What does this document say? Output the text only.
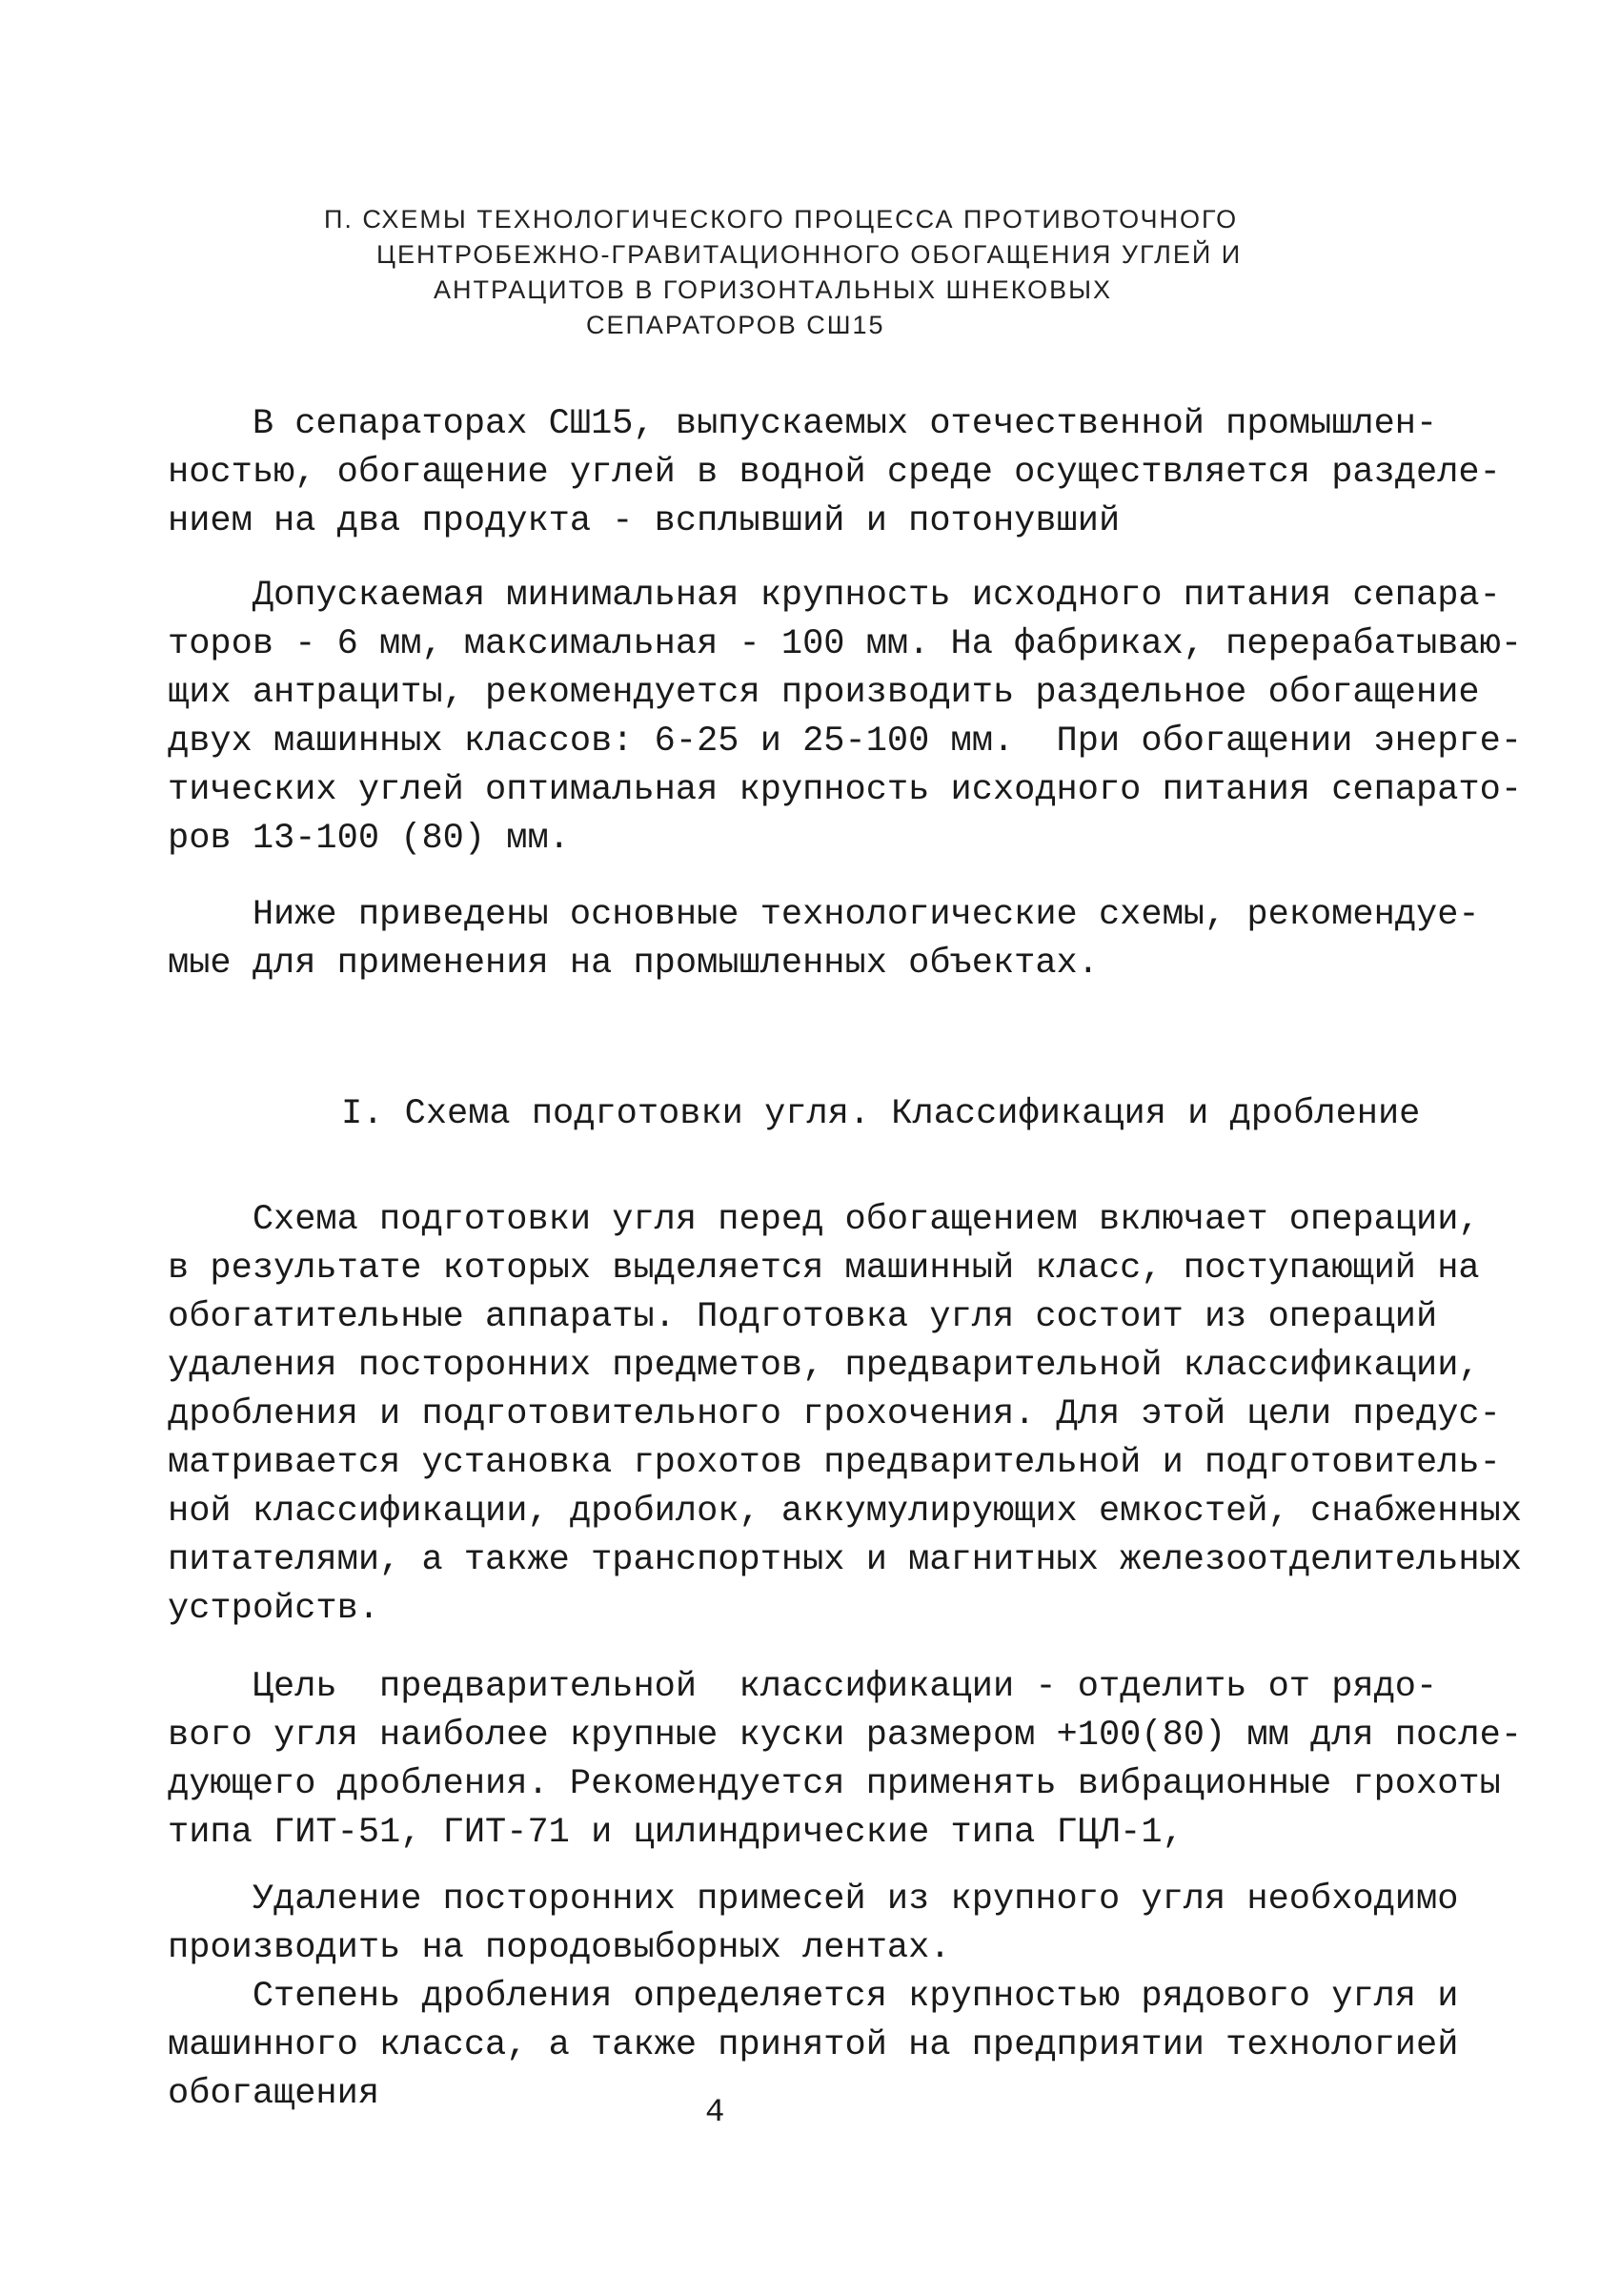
П. СХЕМЫ ТЕХНОЛОГИЧЕСКОГО ПРОЦЕССА ПРОТИВОТОЧНОГО
ЦЕНТРОБЕЖНО-ГРАВИТАЦИОННОГО ОБОГАЩЕНИЯ УГЛЕЙ И
АНТРАЦИТОВ В ГОРИЗОНТАЛЬНЫХ ШНЕКОВЫХ
СЕПАРАТОРОВ СШ15
В сепараторах СШ15, выпускаемых отечественной промышлен-
ностью, обогащение углей в водной среде осуществляется разделе-
нием на два продукта - всплывший и потонувший
Допускаемая минимальная крупность исходного питания сепара-
торов - 6 мм, максимальная - 100 мм. На фабриках, перерабатываю-
щих антрациты, рекомендуется производить раздельное обогащение
двух машинных классов: 6-25 и 25-100 мм.  При обогащении энерге-
тических углей оптимальная крупность исходного питания сепарато-
ров 13-100 (80) мм.
Ниже приведены основные технологические схемы, рекомендуе-
мые для применения на промышленных объектах.
I. Схема подготовки угля. Классификация и дробление
Схема подготовки угля перед обогащением включает операции,
в результате которых выделяется машинный класс, поступающий на
обогатительные аппараты. Подготовка угля состоит из операций
удаления посторонних предметов, предварительной классификации,
дробления и подготовительного грохочения. Для этой цели предус-
матривается установка грохотов предварительной и подготовитель-
ной классификации, дробилок, аккумулирующих емкостей, снабженных
питателями, а также транспортных и магнитных железоотделительных
устройств.
Цель  предварительной  классификации - отделить от рядо-
вого угля наиболее крупные куски размером +100(80) мм для после-
дующего дробления. Рекомендуется применять вибрационные грохоты
типа ГИТ-51, ГИТ-71 и цилиндрические типа ГЦЛ-1,
Удаление посторонних примесей из крупного угля необходимо
производить на породовыборных лентах.
Степень дробления определяется крупностью рядового угля и
машинного класса, а также принятой на предприятии технологией
обогащения	4
